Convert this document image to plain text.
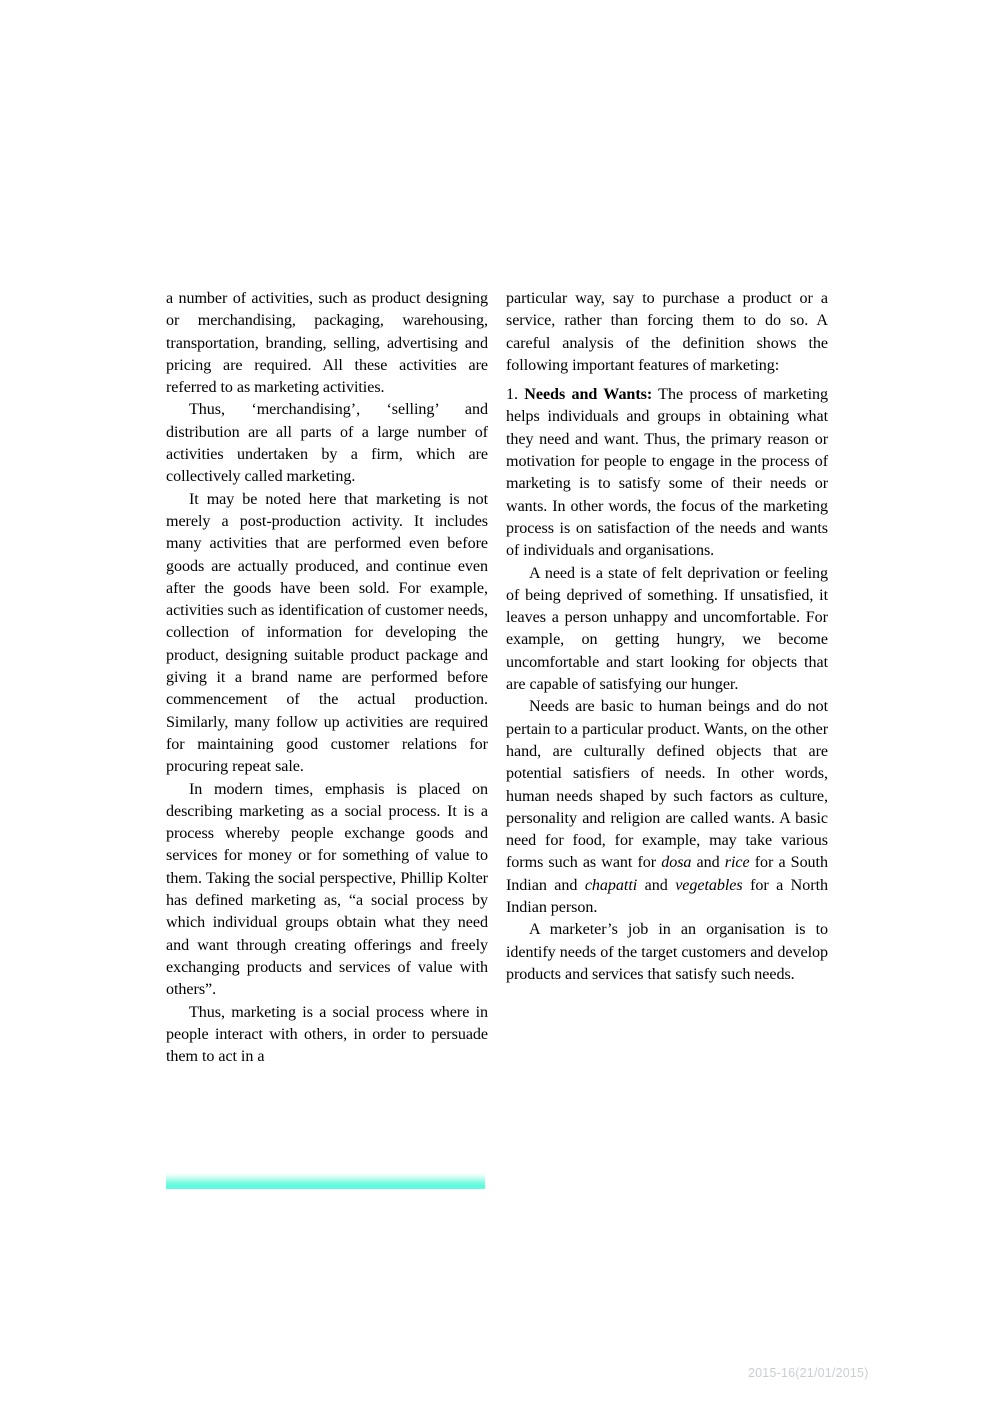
a number of activities, such as product designing or merchandising, packaging, warehousing, transportation, branding, selling, advertising and pricing are required. All these activities are referred to as marketing activities.

Thus, ‘merchandising’, ‘selling’ and distribution are all parts of a large number of activities undertaken by a firm, which are collectively called marketing.

It may be noted here that marketing is not merely a post-production activity. It includes many activities that are performed even before goods are actually produced, and continue even after the goods have been sold. For example, activities such as identification of customer needs, collection of information for developing the product, designing suitable product package and giving it a brand name are performed before commencement of the actual production. Similarly, many follow up activities are required for maintaining good customer relations for procuring repeat sale.

In modern times, emphasis is placed on describing marketing as a social process. It is a process whereby people exchange goods and services for money or for something of value to them. Taking the social perspective, Phillip Kolter has defined marketing as, “a social process by which individual groups obtain what they need and want through creating offerings and freely exchanging products and services of value with others”.

Thus, marketing is a social process where in people interact with others, in order to persuade them to act in a

particular way, say to purchase a product or a service, rather than forcing them to do so. A careful analysis of the definition shows the following important features of marketing:

1. Needs and Wants: The process of marketing helps individuals and groups in obtaining what they need and want. Thus, the primary reason or motivation for people to engage in the process of marketing is to satisfy some of their needs or wants. In other words, the focus of the marketing process is on satisfaction of the needs and wants of individuals and organisations.

A need is a state of felt deprivation or feeling of being deprived of something. If unsatisfied, it leaves a person unhappy and uncomfortable. For example, on getting hungry, we become uncomfortable and start looking for objects that are capable of satisfying our hunger.

Needs are basic to human beings and do not pertain to a particular product. Wants, on the other hand, are culturally defined objects that are potential satisfiers of needs. In other words, human needs shaped by such factors as culture, personality and religion are called wants. A basic need for food, for example, may take various forms such as want for dosa and rice for a South Indian and chapatti and vegetables for a North Indian person.

A marketer’s job in an organisation is to identify needs of the target customers and develop products and services that satisfy such needs.

2015-16(21/01/2015)
